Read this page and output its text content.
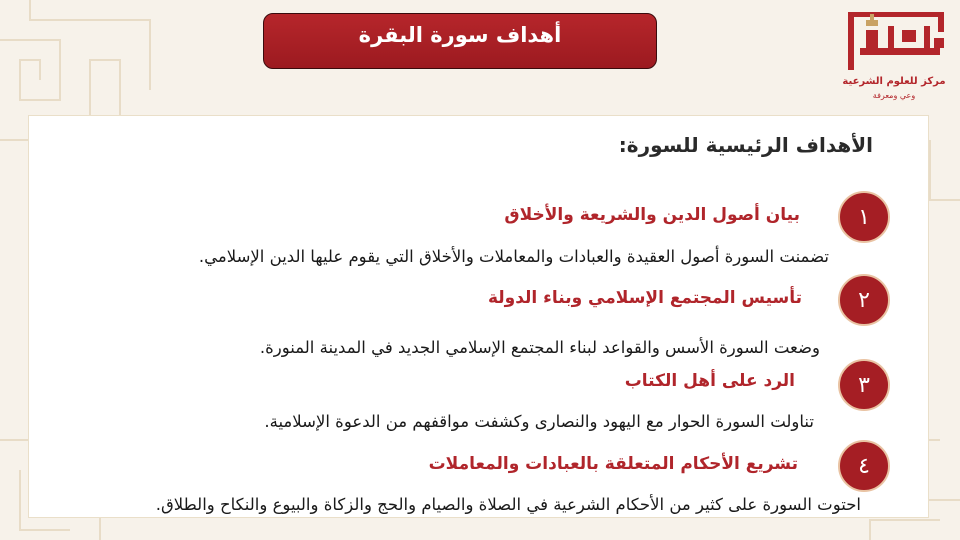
أهداف سورة البقرة
مركز للعلوم الشرعية
وعي ومعرفة
الأهداف الرئيسية للسورة:
١
بيان أصول الدين والشريعة والأخلاق
تضمنت السورة أصول العقيدة والعبادات والمعاملات والأخلاق التي يقوم عليها الدين الإسلامي.
٢
تأسيس المجتمع الإسلامي وبناء الدولة
وضعت السورة الأسس والقواعد لبناء المجتمع الإسلامي الجديد في المدينة المنورة.
٣
الرد على أهل الكتاب
تناولت السورة الحوار مع اليهود والنصارى وكشفت مواقفهم من الدعوة الإسلامية.
٤
تشريع الأحكام المتعلقة بالعبادات والمعاملات
احتوت السورة على كثير من الأحكام الشرعية في الصلاة والصيام والحج والزكاة والبيوع والنكاح والطلاق.
